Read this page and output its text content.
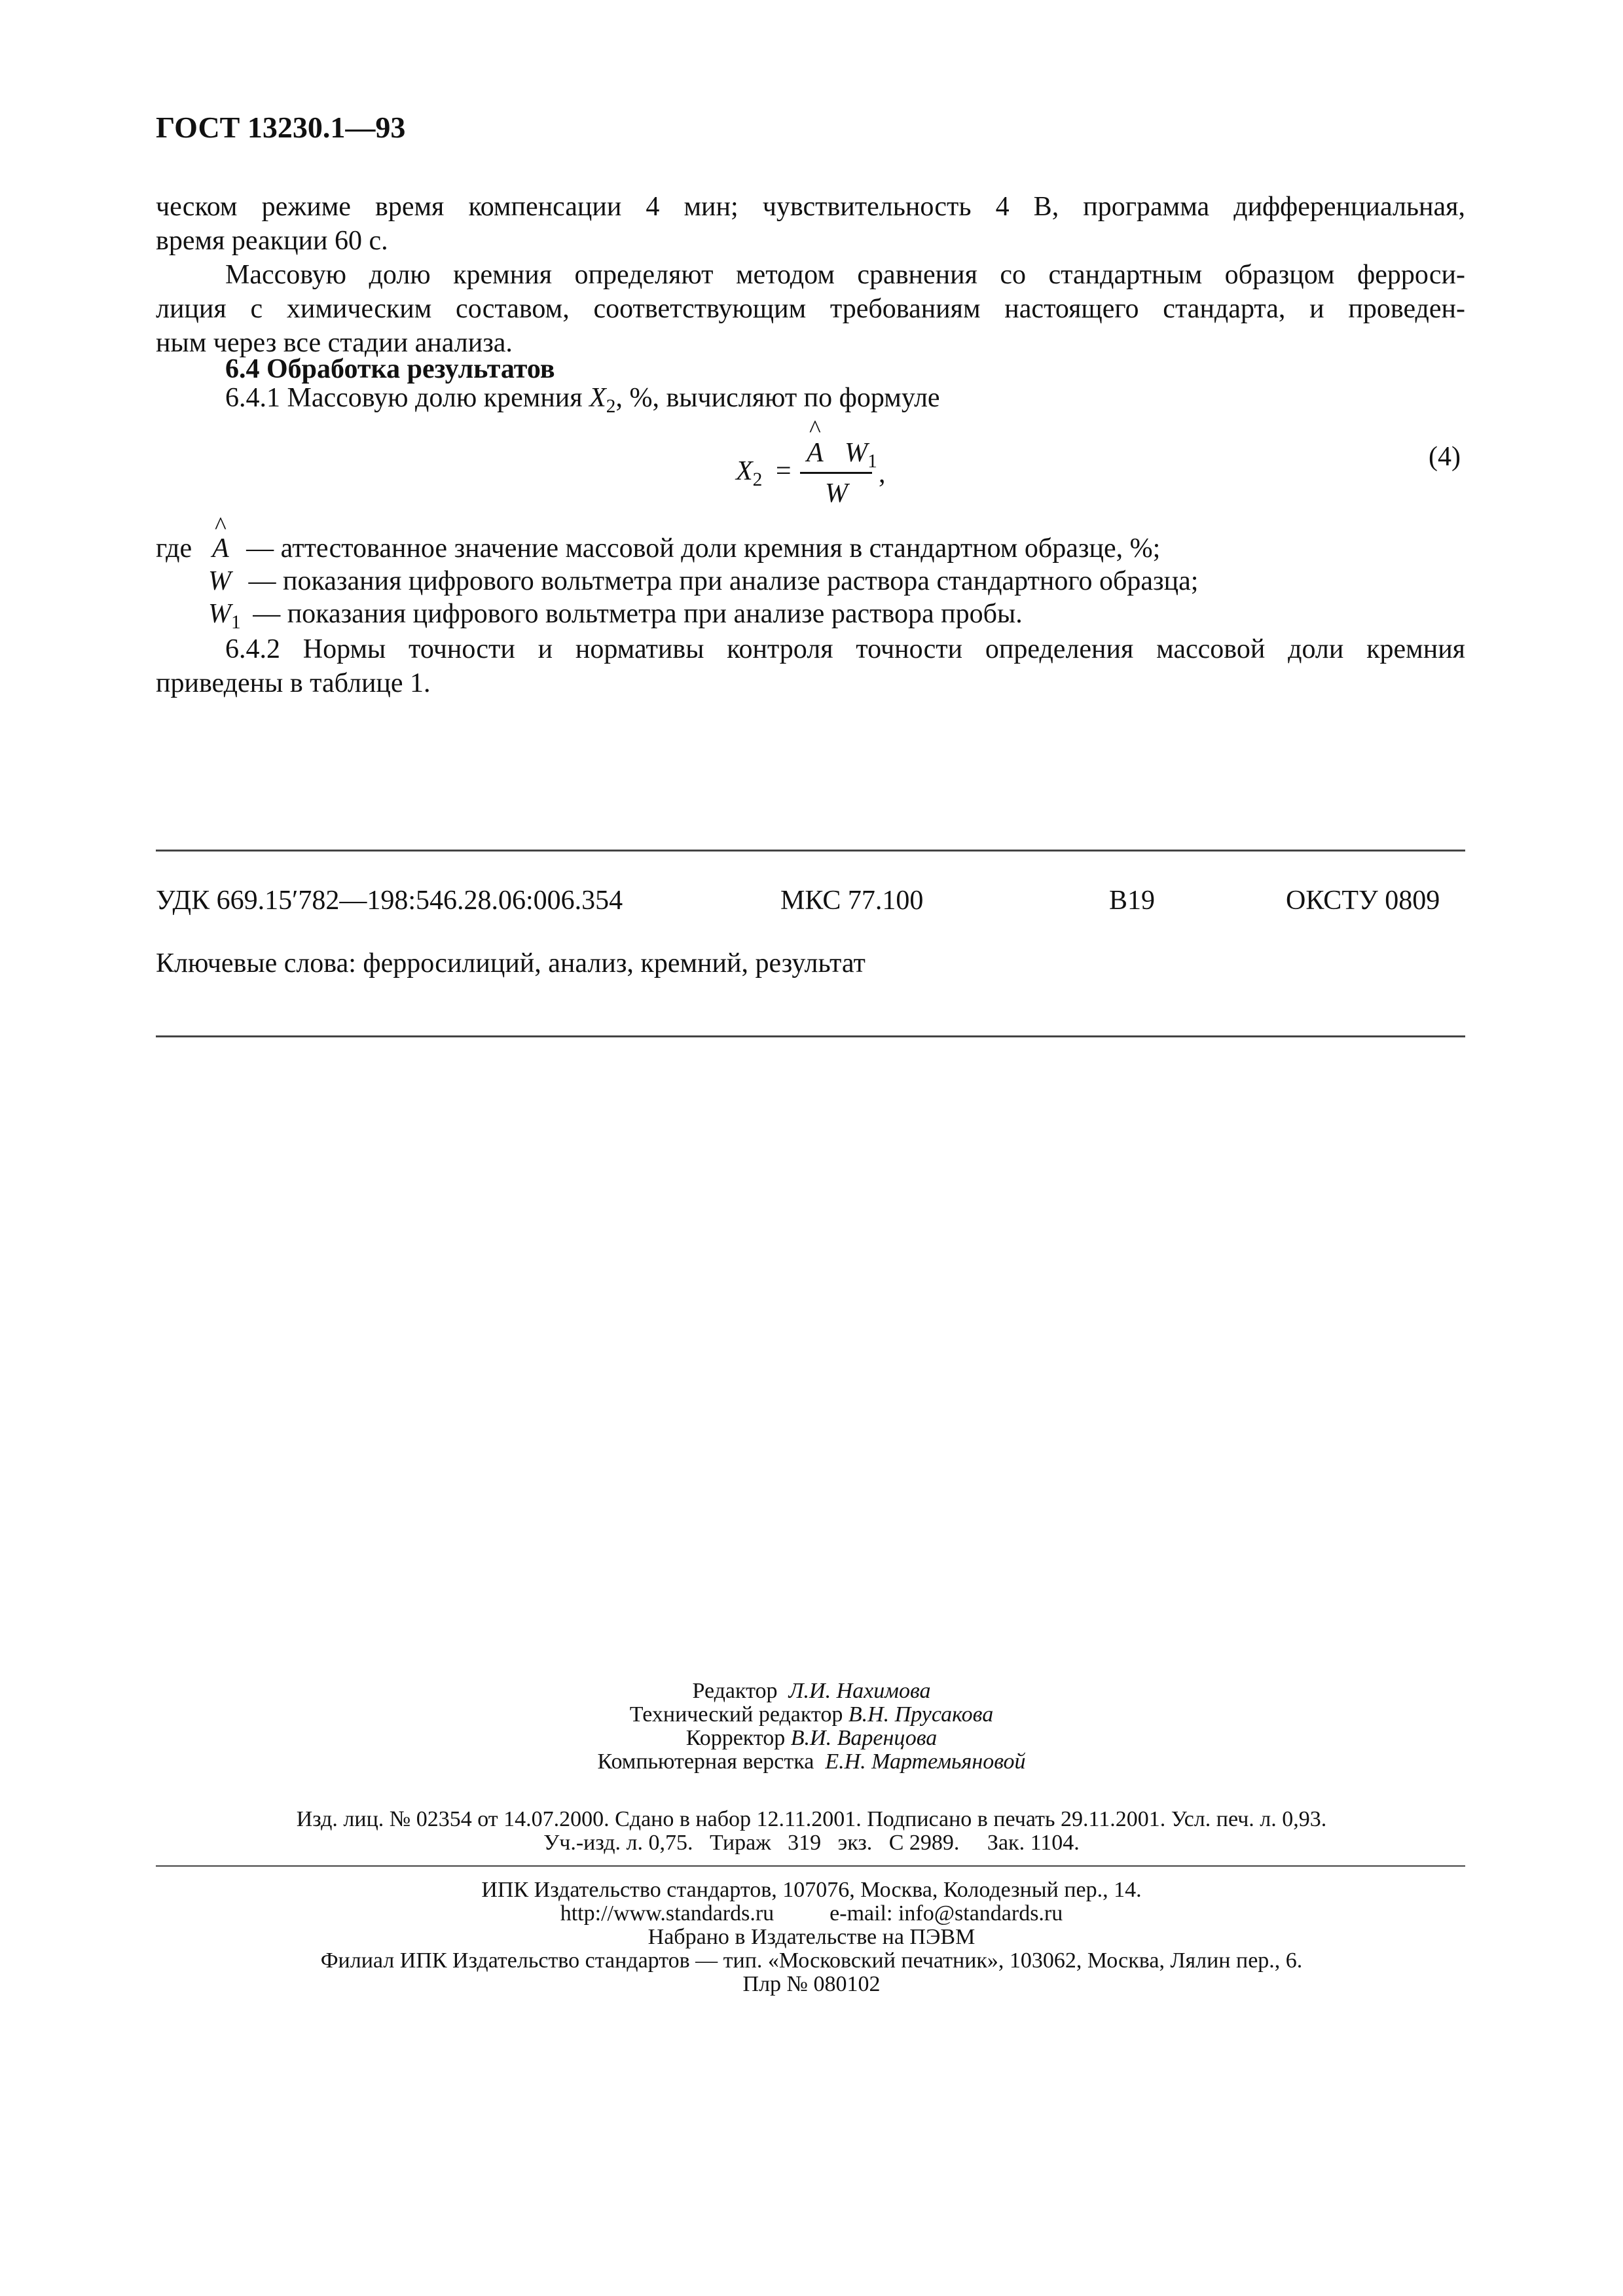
ГОСТ 13230.1—93
ческом режиме время компенсации 4 мин; чувствительность 4 В, программа дифференциальная,
время реакции 60 с.
Массовую долю кремния определяют методом сравнения со стандартным образцом ферроси-
лиция с химическим составом, соответствующим требованиям настоящего стандарта, и проведен-
ным через все стадии анализа.
6.4 Обработка результатов
6.4.1 Массовую долю кремния $X_2$, %, вычисляют по формуле
$X_2$ =
^ A $W_1$
W
,
(4)
где
^ A — аттестованное значение массовой доли кремния в стандартном образце, %;
W — показания цифрового вольтметра при анализе раствора стандартного образца;
$W_1$ — показания цифрового вольтметра при анализе раствора пробы.
6.4.2 Нормы точности и нормативы контроля точности определения массовой доли кремния
приведены в таблице 1.
УДК 669.15′782—198:546.28.06:006.354	МКС 77.100	В19	ОКСТУ 0809
Ключевые слова: ферросилиций, анализ, кремний, результат
Редактор Л.И. Нахимова
Технический редактор В.Н. Прусакова
Корректор В.И. Варенцова
Компьютерная верстка Е.Н. Мартемьяновой
Изд. лиц. № 02354 от 14.07.2000. Сдано в набор 12.11.2001. Подписано в печать 29.11.2001. Усл. печ. л. 0,93.
Уч.-изд. л. 0,75.   Тираж   319   экз.   С 2989.     Зак. 1104.
ИПК Издательство стандартов, 107076, Москва, Колодезный пер., 14.
http://www.standards.ru          e-mail: info@standards.ru
Набрано в Издательстве на ПЭВМ
Филиал ИПК Издательство стандартов — тип. «Московский печатник», 103062, Москва, Лялин пер., 6.
Плр № 080102
